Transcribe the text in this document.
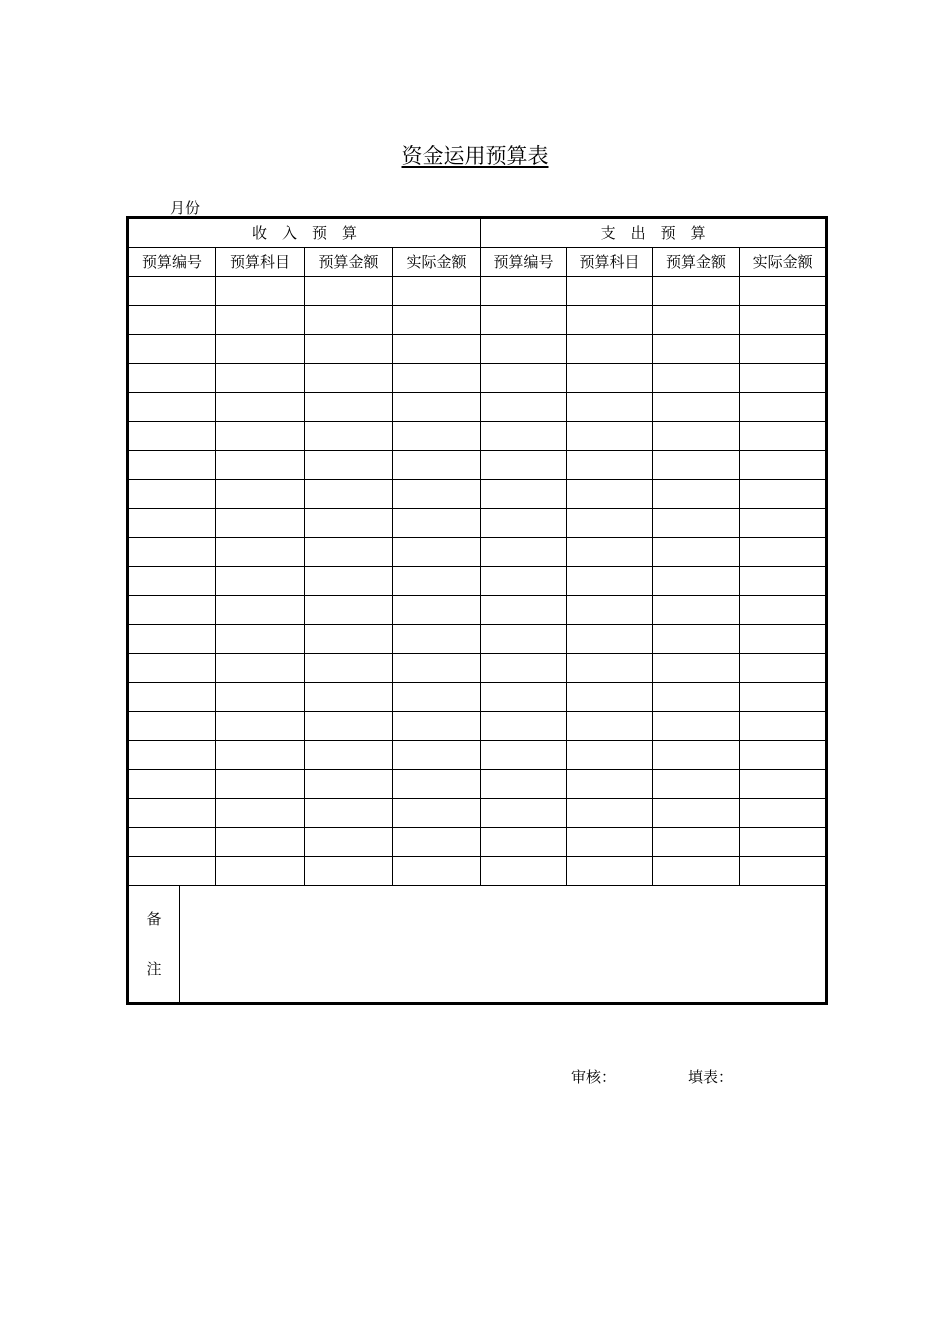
资金运用预算表
月份
收　入　预　算					支　出　预　算			
预算编号		预算科目	预算金额	实际金额	预算编号	预算科目	预算金额	实际金额

备
注								

审核：	填表：
